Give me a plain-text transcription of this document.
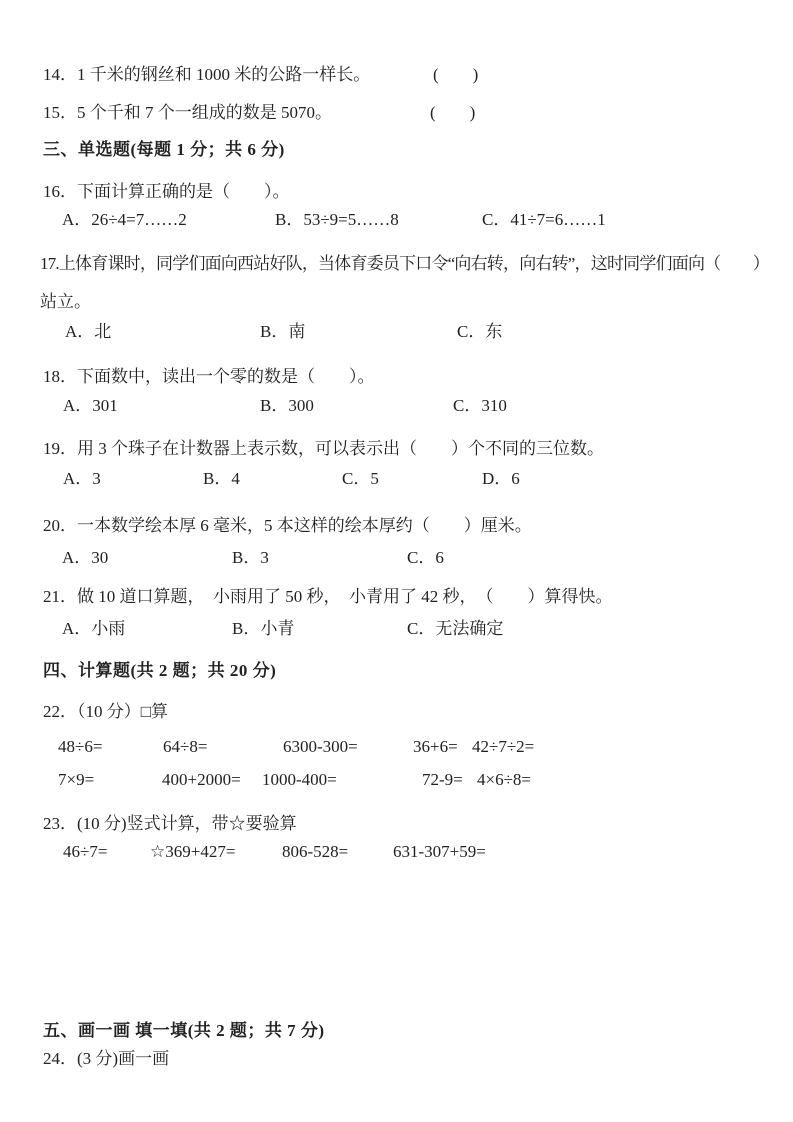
14．1 千米的钢丝和 1000 米的公路一样长。	(　　)
15．5 个千和 7 个一组成的数是 5070。	(　　)
三、单选题(每题 1 分；共 6 分)
16．下面计算正确的是（　　）。
A．26÷4=7……2	B．53÷9=5……8	C．41÷7=6……1
17.上体育课时，同学们面向西站好队，当体育委员下口令“向右转，向右转”，这时同学们面向（　　）
站立。
A．北	B．南	C．东
18．下面数中，读出一个零的数是（　　）。
A．301	B．300	C．310
19．用 3 个珠子在计数器上表示数，可以表示出（　　）个不同的三位数。
A．3	B．4	C．5	D．6
20．一本数学绘本厚 6 毫米，5 本这样的绘本厚约（　　）厘米。
A．30	B．3	C．6
21．做 10 道口算题，　小雨用了 50 秒，　小青用了 42 秒，　（　　）算得快。
A．小雨	B．小青	C．无法确定
四、计算题(共 2 题；共 20 分)
22．（10 分）□算
48÷6=	64÷8=	6300-300=	36+6= 42÷7÷2=
7×9=	400+2000= 1000-400=	72-9= 4×6÷8=
23．(10 分)竖式计算，带☆要验算
46÷7=	☆369+427=	806-528=	631-307+59=
五、画一画 填一填(共 2 题；共 7 分)
24．(3 分)画一画
